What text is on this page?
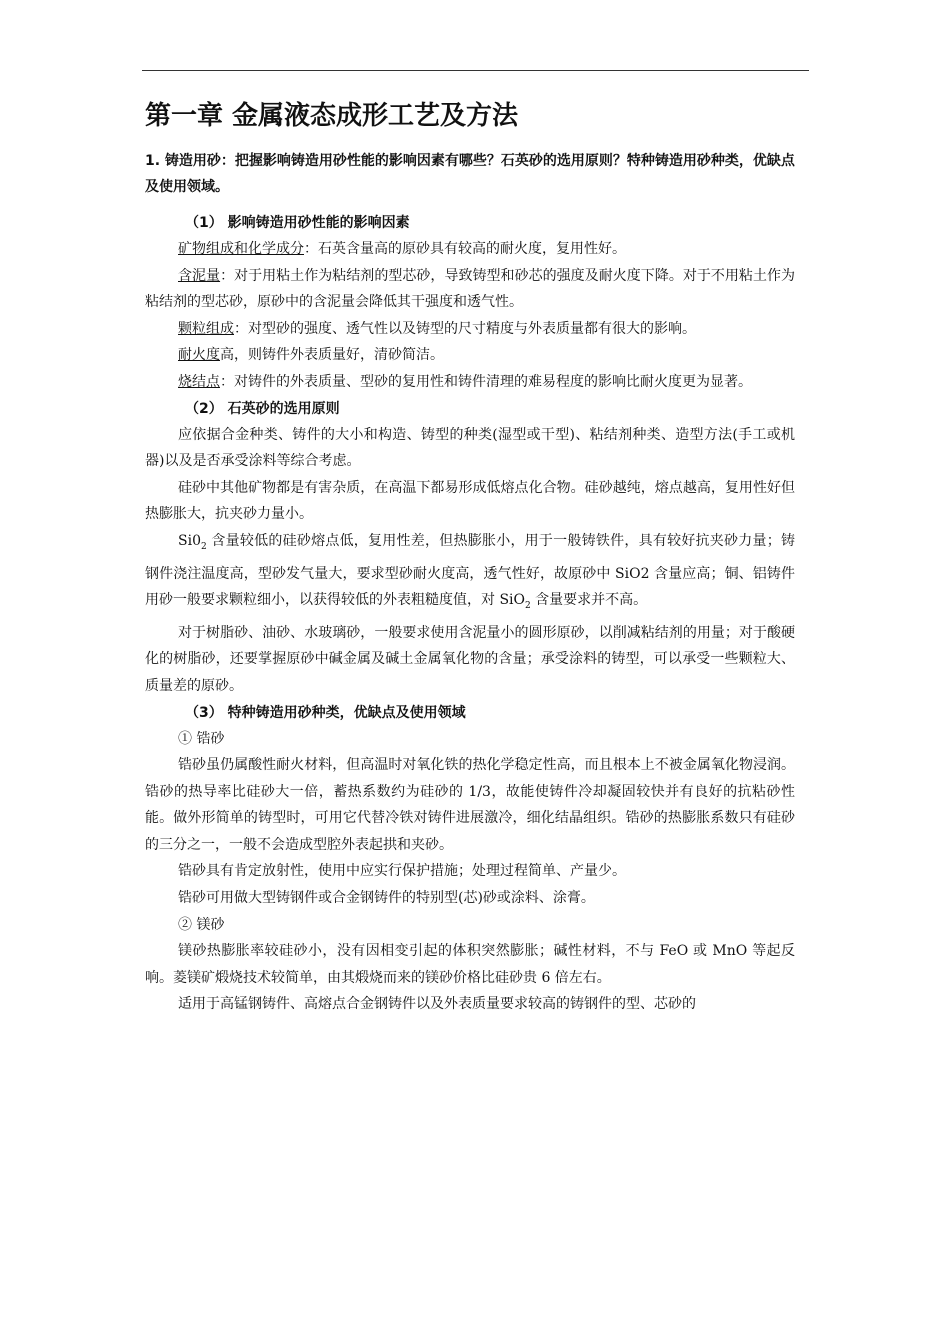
第一章 金属液态成形工艺及方法

1. 铸造用砂：把握影响铸造用砂性能的影响因素有哪些？石英砂的选用原则？特种铸造用砂种类，优缺点及使用领域。

（1） 影响铸造用砂性能的影响因素

矿物组成和化学成分：石英含量高的原砂具有较高的耐火度，复用性好。

含泥量：对于用粘土作为粘结剂的型芯砂，导致铸型和砂芯的强度及耐火度下降。对于不用粘土作为粘结剂的型芯砂，原砂中的含泥量会降低其干强度和透气性。

颗粒组成：对型砂的强度、透气性以及铸型的尺寸精度与外表质量都有很大的影响。

耐火度高，则铸件外表质量好，清砂简洁。

烧结点：对铸件的外表质量、型砂的复用性和铸件清理的难易程度的影响比耐火度更为显著。

（2） 石英砂的选用原则

应依据合金种类、铸件的大小和构造、铸型的种类(湿型或干型)、粘结剂种类、造型方法(手工或机器)以及是否承受涂料等综合考虑。

硅砂中其他矿物都是有害杂质，在高温下都易形成低熔点化合物。硅砂越纯，熔点越高，复用性好但热膨胀大，抗夹砂力量小。

$Si0_2$ 含量较低的硅砂熔点低，复用性差，但热膨胀小，用于一般铸铁件，具有较好抗夹砂力量；铸钢件浇注温度高，型砂发气量大，要求型砂耐火度高，透气性好，故原砂中 SiO2 含量应高；铜、铝铸件用砂一般要求颗粒细小，以获得较低的外表粗糙度值，对 SiO$_2$ 含量要求并不高。

对于树脂砂、油砂、水玻璃砂，一般要求使用含泥量小的圆形原砂，以削减粘结剂的用量；对于酸硬化的树脂砂，还要掌握原砂中碱金属及碱土金属氧化物的含量；承受涂料的铸型，可以承受一些颗粒大、质量差的原砂。

（3） 特种铸造用砂种类，优缺点及使用领域

① 锆砂

锆砂虽仍属酸性耐火材料，但高温时对氧化铁的热化学稳定性高，而且根本上不被金属氧化物浸润。锆砂的热导率比硅砂大一倍，蓄热系数约为硅砂的 1/3，故能使铸件冷却凝固较快并有良好的抗粘砂性能。做外形简单的铸型时，可用它代替冷铁对铸件进展激冷，细化结晶组织。锆砂的热膨胀系数只有硅砂的三分之一，一般不会造成型腔外表起拱和夹砂。

锆砂具有肯定放射性，使用中应实行保护措施；处理过程简单、产量少。

锆砂可用做大型铸钢件或合金钢铸件的特别型(芯)砂或涂料、涂膏。

② 镁砂

镁砂热膨胀率较硅砂小，没有因相变引起的体积突然膨胀；碱性材料，不与 FeO 或 MnO 等起反响。菱镁矿煅烧技术较简单，由其煅烧而来的镁砂价格比硅砂贵 6 倍左右。

适用于高锰钢铸件、高熔点合金钢铸件以及外表质量要求较高的铸钢件的型、芯砂的
